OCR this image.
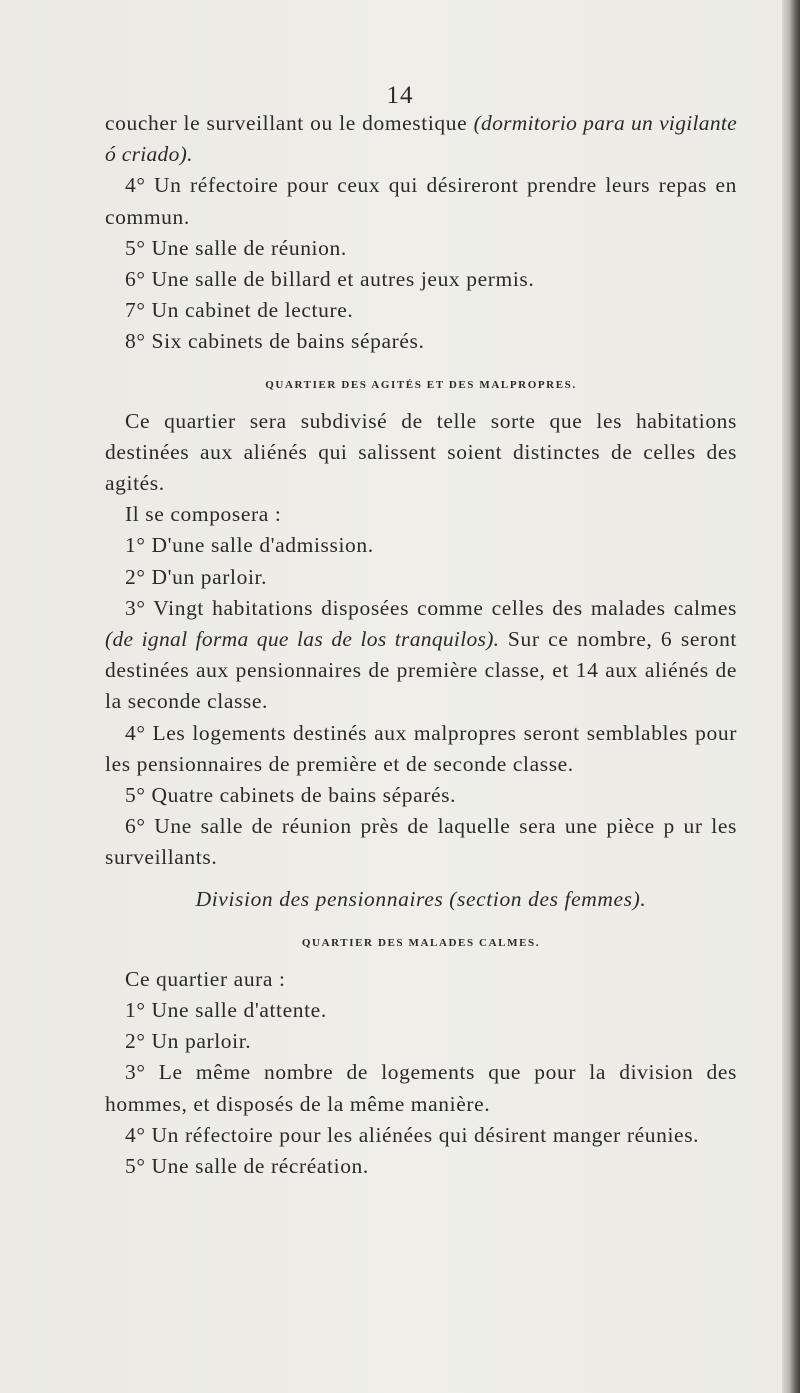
14

coucher le surveillant ou le domestique (dormitorio para un vigilante ó criado).

4° Un réfectoire pour ceux qui désireront prendre leurs repas en commun.

5° Une salle de réunion.

6° Une salle de billard et autres jeux permis.

7° Un cabinet de lecture.

8° Six cabinets de bains séparés.

QUARTIER DES AGITÉS ET DES MALPROPRES.

Ce quartier sera subdivisé de telle sorte que les habitations destinées aux aliénés qui salissent soient distinctes de celles des agités.

Il se composera :

1° D'une salle d'admission.

2° D'un parloir.

3° Vingt habitations disposées comme celles des malades calmes (de ignal forma que las de los tranquilos). Sur ce nombre, 6 seront destinées aux pensionnaires de première classe, et 14 aux aliénés de la seconde classe.

4° Les logements destinés aux malpropres seront semblables pour les pensionnaires de première et de seconde classe.

5° Quatre cabinets de bains séparés.

6° Une salle de réunion près de laquelle sera une pièce p ur les surveillants.

Division des pensionnaires (section des femmes).

QUARTIER DES MALADES CALMES.

Ce quartier aura :

1° Une salle d'attente.

2° Un parloir.

3° Le même nombre de logements que pour la division des hommes, et disposés de la même manière.

4° Un réfectoire pour les aliénées qui désirent manger réunies.

5° Une salle de récréation.
